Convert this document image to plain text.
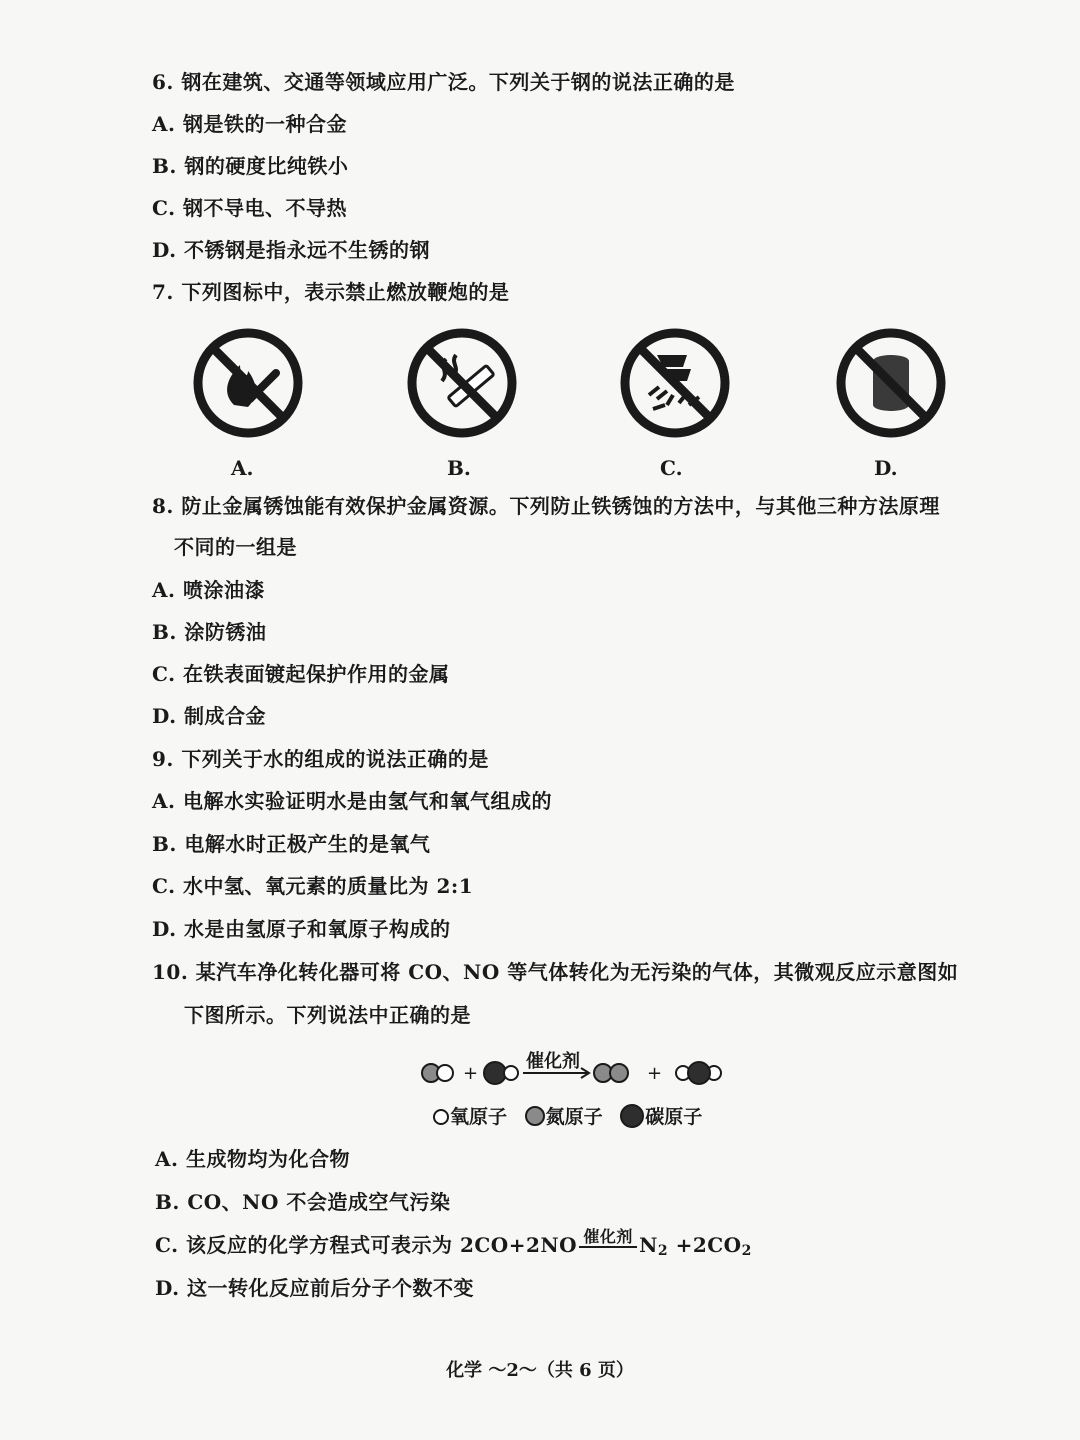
6. 钢在建筑、交通等领域应用广泛。下列关于钢的说法正确的是
A. 钢是铁的一种合金
B. 钢的硬度比纯铁小
C. 钢不导电、不导热
D. 不锈钢是指永远不生锈的钢
7. 下列图标中，表示禁止燃放鞭炮的是
A.	B.	C.	D.
8. 防止金属锈蚀能有效保护金属资源。下列防止铁锈蚀的方法中，与其他三种方法原理
不同的一组是
A. 喷涂油漆
B. 涂防锈油
C. 在铁表面镀起保护作用的金属
D. 制成合金
9. 下列关于水的组成的说法正确的是
A. 电解水实验证明水是由氢气和氧气组成的
B. 电解水时正极产生的是氧气
C. 水中氢、氧元素的质量比为 2:1
D. 水是由氢原子和氧原子构成的
10. 某汽车净化转化器可将 CO、NO 等气体转化为无污染的气体，其微观反应示意图如
下图所示。下列说法中正确的是
+
催化剂
+
氧原子 氮原子 碳原子
A. 生成物均为化合物
B. CO、NO 不会造成空气污染
C. 该反应的化学方程式可表示为 2CO+2NO 催化剂 $N_2 +2CO_2$
D. 这一转化反应前后分子个数不变
化学 ～2～（共 6 页）
